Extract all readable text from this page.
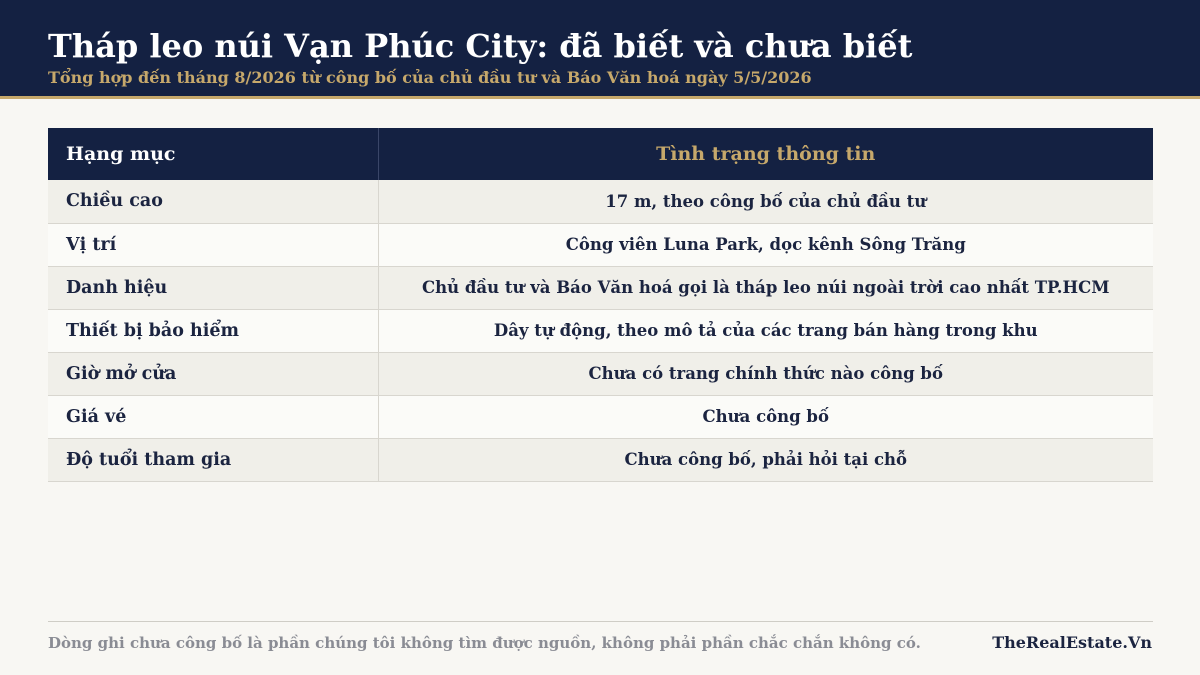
Tháp leo núi Vạn Phúc City: đã biết và chưa biết
Tổng hợp đến tháng 8/2026 từ công bố của chủ đầu tư và Báo Văn hoá ngày 5/5/2026
Hạng mục	Tình trạng thông tin
Chiều cao	17 m, theo công bố của chủ đầu tư
Vị trí	Công viên Luna Park, dọc kênh Sông Trăng
Danh hiệu	Chủ đầu tư và Báo Văn hoá gọi là tháp leo núi ngoài trời cao nhất TP.HCM
Thiết bị bảo hiểm	Dây tự động, theo mô tả của các trang bán hàng trong khu
Giờ mở cửa	Chưa có trang chính thức nào công bố
Giá vé	Chưa công bố
Độ tuổi tham gia	Chưa công bố, phải hỏi tại chỗ
Dòng ghi chưa công bố là phần chúng tôi không tìm được nguồn, không phải phần chắc chắn không có.	TheRealEstate.Vn
